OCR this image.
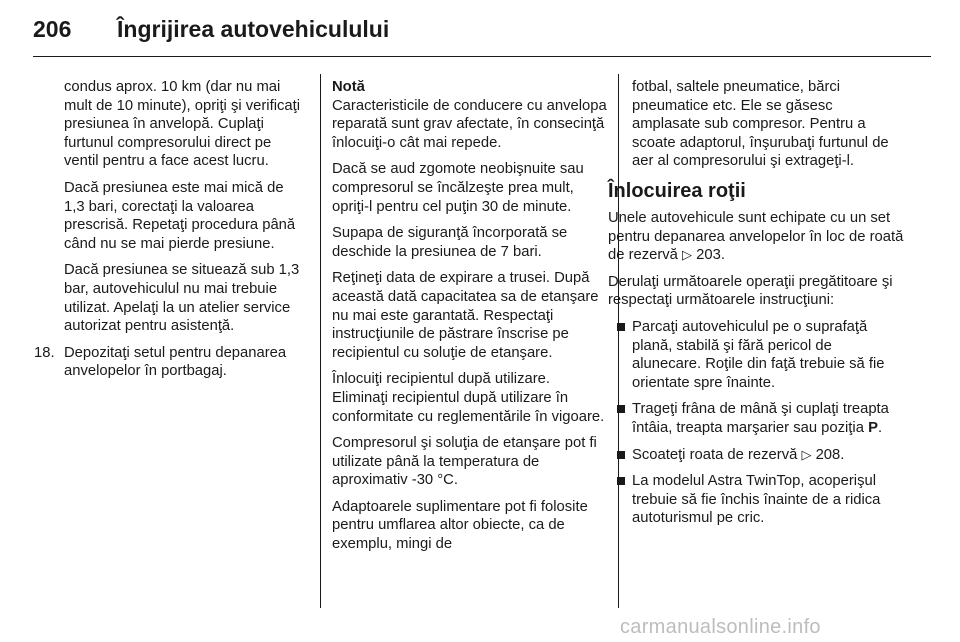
206 Îngrijirea autovehiculului

condus aprox. 10 km (dar nu mai mult de 10 minute), opriţi şi verificaţi presiunea în anvelopă. Cuplaţi furtunul compresorului direct pe ventil pentru a face acest lucru.

Dacă presiunea este mai mică de 1,3 bari, corectaţi la valoarea prescrisă. Repetaţi procedura până când nu se mai pierde presiune.

Dacă presiunea se situează sub 1,3 bar, autovehiculul nu mai trebuie utilizat. Apelaţi la un atelier service autorizat pentru asistenţă.

18. Depozitaţi setul pentru depanarea anvelopelor în portbagaj.

Notă

Caracteristicile de conducere cu anvelopa reparată sunt grav afectate, în consecinţă înlocuiţi-o cât mai repede.

Dacă se aud zgomote neobişnuite sau compresorul se încălzeşte prea mult, opriţi-l pentru cel puţin 30 de minute.

Supapa de siguranţă încorporată se deschide la presiunea de 7 bari.

Reţineţi data de expirare a trusei. După această dată capacitatea sa de etanşare nu mai este garantată. Respectaţi instrucţiunile de păstrare înscrise pe recipientul cu soluţie de etanşare.

Înlocuiţi recipientul după utilizare. Eliminaţi recipientul după utilizare în conformitate cu reglementările în vigoare.

Compresorul şi soluţia de etanşare pot fi utilizate până la temperatura de aproximativ -30 °C.

Adaptoarele suplimentare pot fi folosite pentru umflarea altor obiecte, ca de exemplu, mingi de

fotbal, saltele pneumatice, bărci pneumatice etc. Ele se găsesc amplasate sub compresor. Pentru a scoate adaptorul, înşurubaţi furtunul de aer al compresorului şi extrageţi-l.

Înlocuirea roţii

Unele autovehicule sunt echipate cu un set pentru depanarea anvelopelor în loc de roată de rezervă ▷ 203.

Derulaţi următoarele operaţii pregătitoare şi respectaţi următoarele instrucţiuni:

Parcaţi autovehiculul pe o suprafaţă plană, stabilă şi fără pericol de alunecare. Roţile din faţă trebuie să fie orientate spre înainte.
Trageţi frâna de mână şi cuplaţi treapta întâia, treapta marşarier sau poziţia P.
Scoateţi roata de rezervă ▷ 208.
La modelul Astra TwinTop, acoperişul trebuie să fie închis înainte de a ridica autoturismul pe cric.
carmanualsonline.info
